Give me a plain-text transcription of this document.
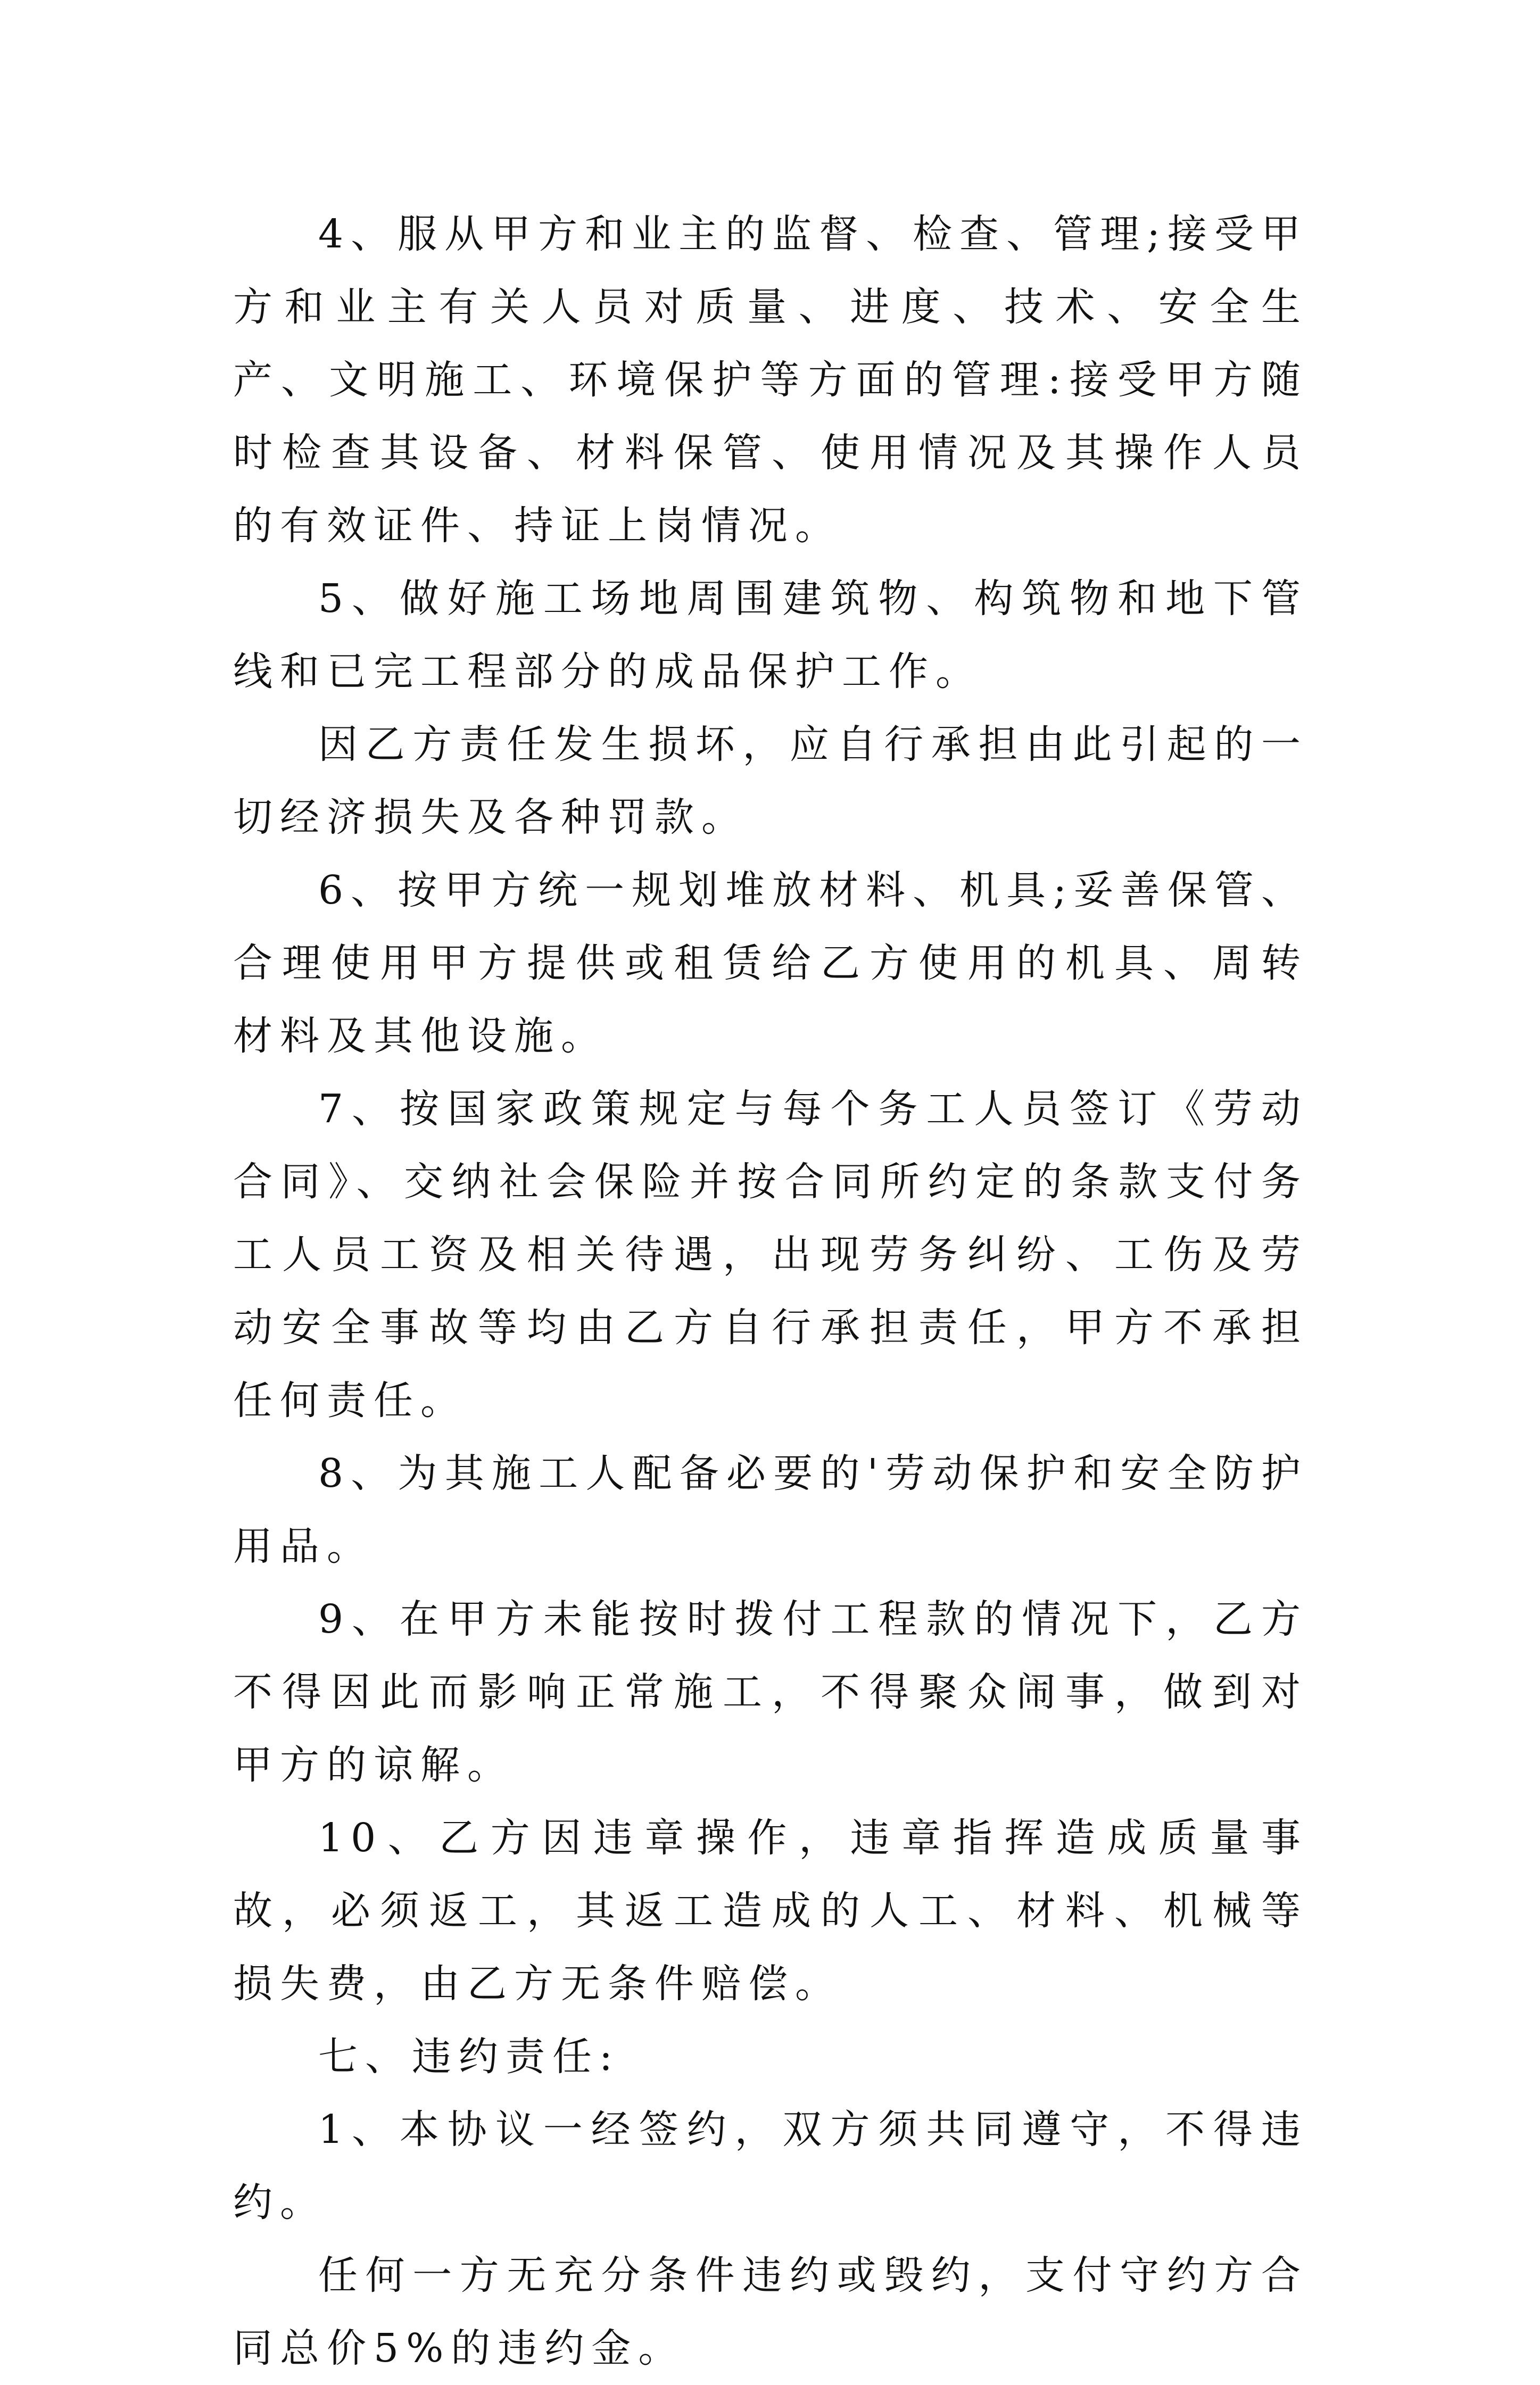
4、服从甲方和业主的监督、检查、管理;接受甲方和业主有关人员对质量、进度、技术、安全生产、文明施工、环境保护等方面的管理:接受甲方随时检查其设备、材料保管、使用情况及其操作人员的有效证件、持证上岗情况。

5、做好施工场地周围建筑物、构筑物和地下管线和已完工程部分的成品保护工作。

因乙方责任发生损坏，应自行承担由此引起的一切经济损失及各种罚款。

6、按甲方统一规划堆放材料、机具;妥善保管、合理使用甲方提供或租赁给乙方使用的机具、周转材料及其他设施。

7、按国家政策规定与每个务工人员签订《劳动合同》、交纳社会保险并按合同所约定的条款支付务工人员工资及相关待遇，出现劳务纠纷、工伤及劳动安全事故等均由乙方自行承担责任，甲方不承担任何责任。

8、为其施工人配备必要的'劳动保护和安全防护用品。

9、在甲方未能按时拨付工程款的情况下，乙方不得因此而影响正常施工，不得聚众闹事，做到对甲方的谅解。

10、乙方因违章操作，违章指挥造成质量事故，必须返工，其返工造成的人工、材料、机械等损失费，由乙方无条件赔偿。

七、违约责任:

1、本协议一经签约，双方须共同遵守，不得违约。

任何一方无充分条件违约或毁约，支付守约方合同总价5%的违约金。
